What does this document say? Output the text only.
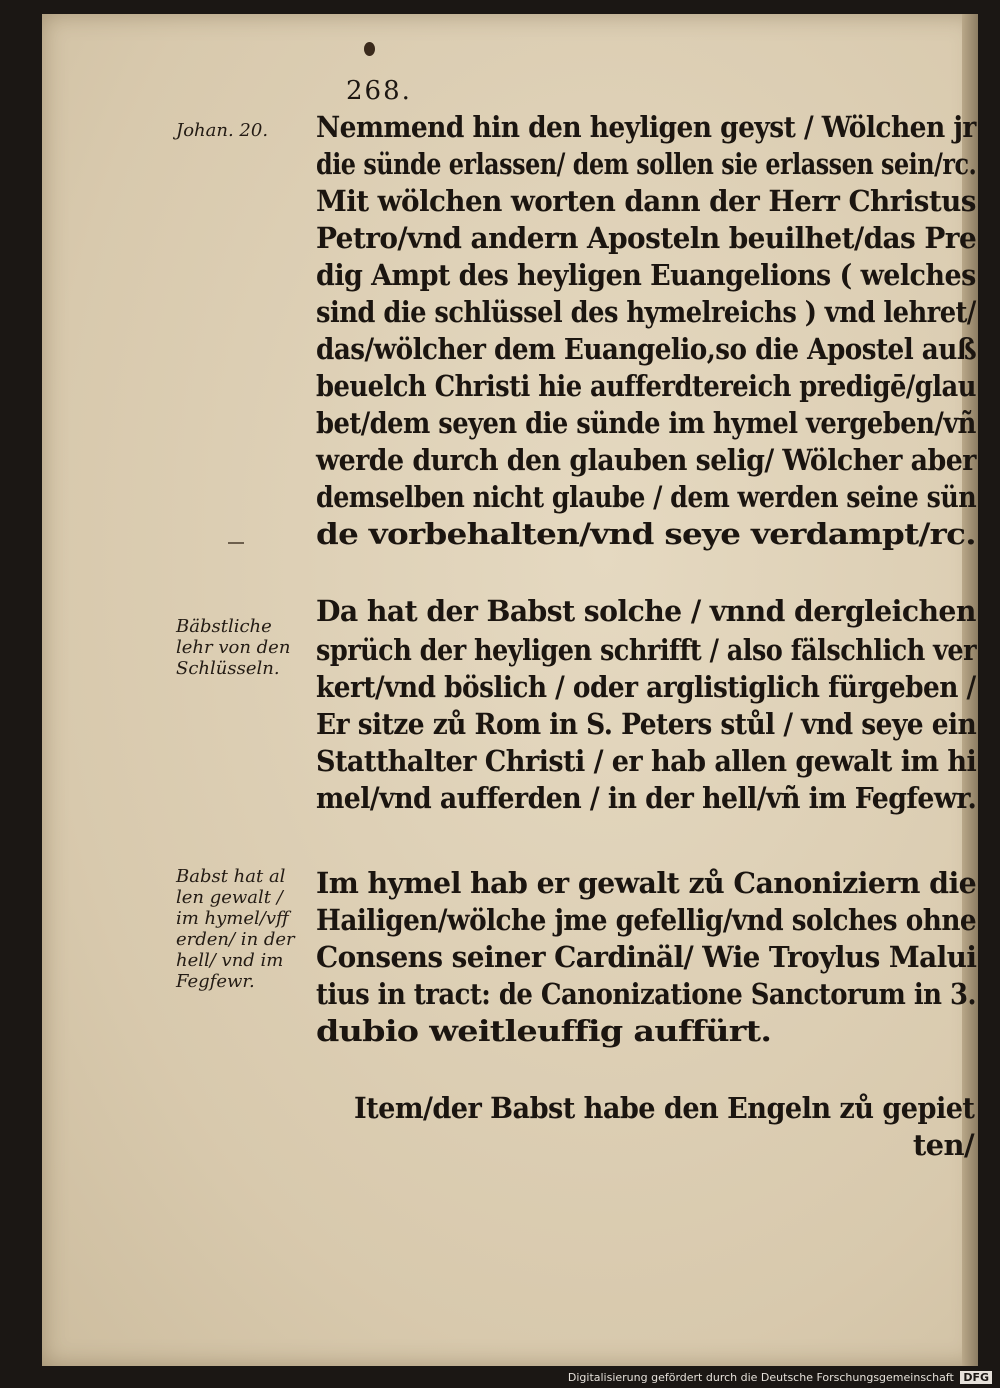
268.
Johan. 20.
Bäbstliche
lehr von den
Schlüsseln.
Babst hat al
len gewalt /
im hymel/vff
erden/ in der
hell/ vnd im
Fegfewr.
Nemmend hin den heyligen geyst / Wölchen jr
die sünde erlassen/ dem sollen sie erlassen sein/rc.
Mit wölchen worten dann der Herr Christus
Petro/vnd andern Aposteln beuilhet/das Pre
dig Ampt des heyligen Euangelions ( welches
sind die schlüssel des hymelreichs ) vnd lehret/
das/wölcher dem Euangelio,so die Apostel auß
beuelch Christi hie aufferdtereich predigē/glau
bet/dem seyen die sünde im hymel vergeben/vñ
werde durch den glauben selig/ Wölcher aber
demselben nicht glaube / dem werden seine sün
de vorbehalten/vnd seye verdampt/rc.
Da hat der Babst solche / vnnd dergleichen
sprüch der heyligen schrifft / also fälschlich ver
kert/vnd böslich / oder arglistiglich fürgeben /
Er sitze zů Rom in S. Peters stůl / vnd seye ein
Statthalter Christi / er hab allen gewalt im hi
mel/vnd aufferden / in der hell/vñ im Fegfewr.
Im hymel hab er gewalt zů Canoniziern die
Hailigen/wölche jme gefellig/vnd solches ohne
Consens seiner Cardinäl/ Wie Troylus Malui
tius in tract: de Canonizatione Sanctorum in 3.
dubio weitleuffig auffürt.
Item/der Babst habe den Engeln zů gepiet
ten/
Digitalisierung gefördert durch die Deutsche Forschungsgemeinschaft DFG
